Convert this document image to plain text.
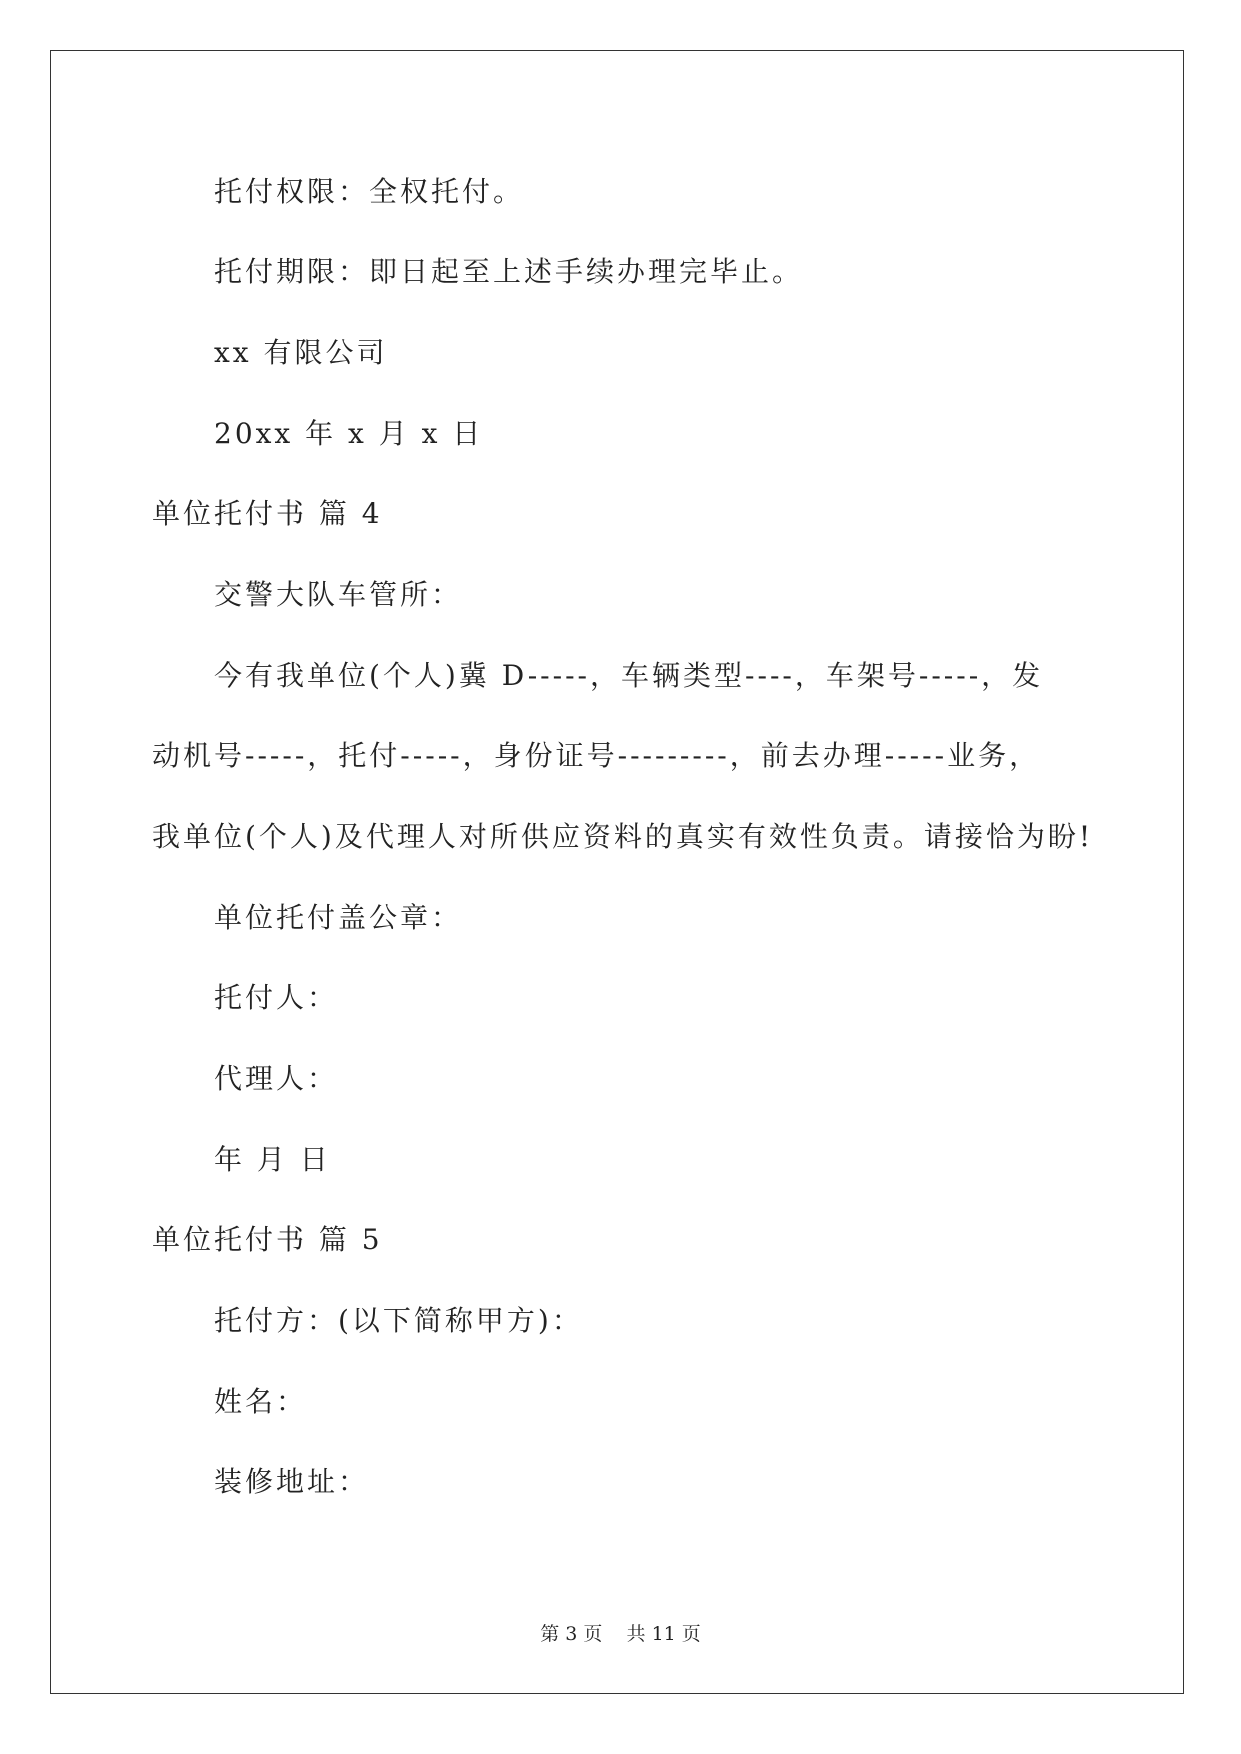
托付权限：全权托付。
托付期限：即日起至上述手续办理完毕止。
xx 有限公司
20xx 年 x 月 x 日
单位托付书 篇 4
交警大队车管所：
今有我单位(个人)冀 D-----，车辆类型----，车架号-----，发
动机号-----，托付-----，身份证号---------，前去办理-----业务，
我单位(个人)及代理人对所供应资料的真实有效性负责。请接恰为盼!
单位托付盖公章：
托付人：
代理人：
年 月 日
单位托付书 篇 5
托付方：(以下简称甲方)：
姓名：
装修地址：
第 3 页 共 11 页
